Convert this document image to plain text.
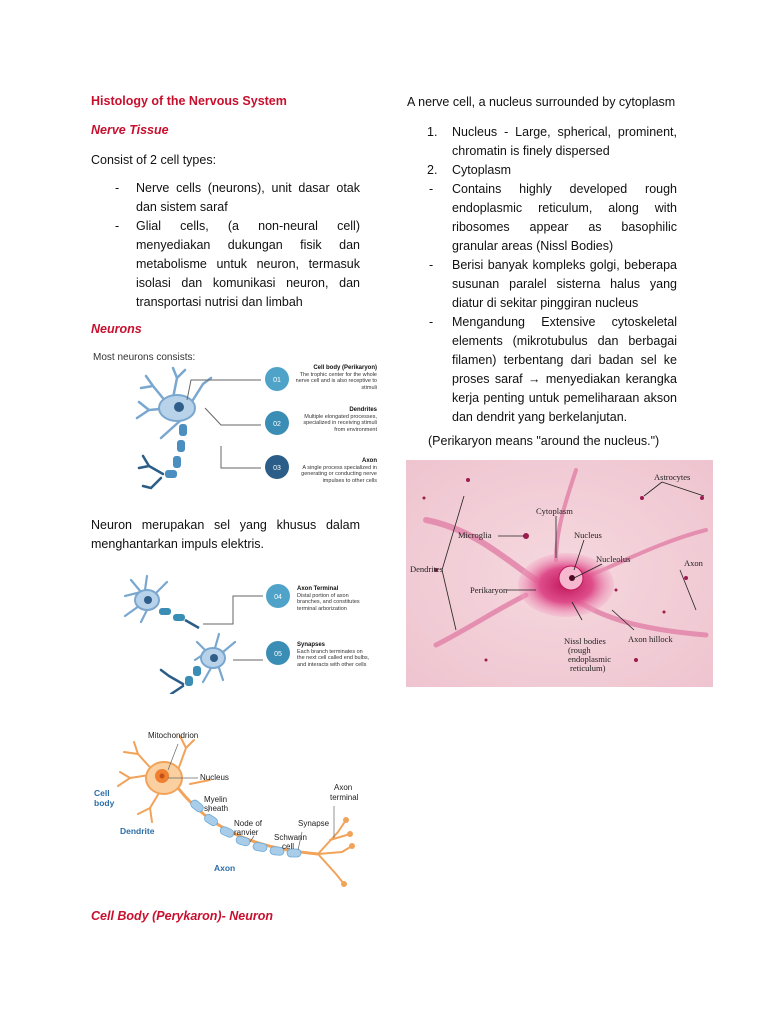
Histology of the Nervous System
Nerve Tissue
Consist of 2 cell types:
- Nerve cells (neurons), unit dasar otak dan sistem saraf
- Glial cells, (a non-neural cell) menyediakan dukungan fisik dan metabolisme untuk neuron, termasuk isolasi dan komunikasi neuron, dan transportasi nutrisi dan limbah
Neurons
Most neurons consists:
01
02
03
Cell body (Perikaryon)
The trophic center for the whole nerve cell and is also receptive to stimuli
Dendrites
Multiple elongated processes, specialized in receiving stimuli from environment
Axon
A single process specialized in generating or conducting nerve impulses to other cells
Neuron merupakan sel yang khusus dalam menghantarkan impuls elektris.
04
05
Axon Terminal
Distal portion of axon branches, and constitutes terminal arborization
Synapses
Each branch terminates on the next cell called end bulbs, and interacts with other cells
Mitochondrion
Nucleus
Cell
body	Myelin
sheath
Node of
ranvier
Dendrite
Axon
Schwann
cell
Synapse
Axon
terminal
Cell Body (Perykaron)- Neuron
A nerve cell, a nucleus surrounded by cytoplasm
1. Nucleus - Large, spherical, prominent, chromatin is finely dispersed
2. Cytoplasm
- Contains highly developed rough endoplasmic reticulum, along with ribosomes appear as basophilic granular areas (Nissl Bodies)
- Berisi banyak kompleks golgi, beberapa susunan paralel sisterna halus yang diatur di sekitar pinggiran nucleus
- Mengandung Extensive cytoskeletal elements (mikrotubulus dan berbagai filamen) terbentang dari badan sel ke proses saraf → menyediakan kerangka kerja penting untuk pemeliharaan akson dan dendrit yang berkelanjutan.
(Perikaryon means "around the nucleus.")
Astrocytes
Cytoplasm
Microglia	Nucleus
Nucleolus
Dendrites
Axon
Perikaryon
Nissl bodies
(rough
endoplasmic
reticulum)
Axon hillock
